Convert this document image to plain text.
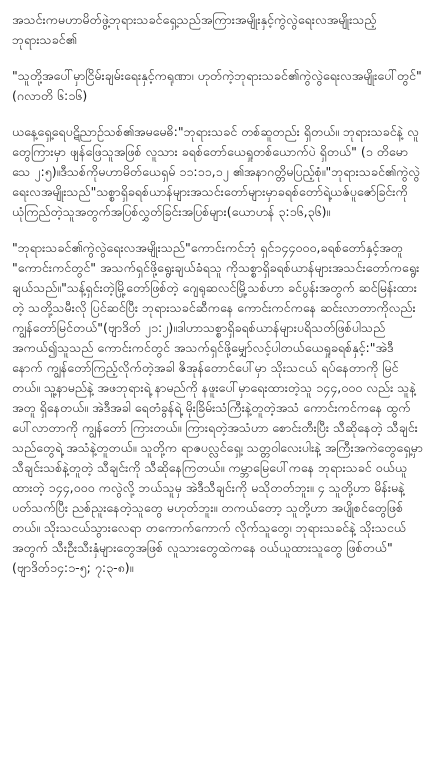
အသင်းကမဟာမိတ်ဖွဲ့ဘုရားသခင်ရှေ့သည်အကြားအမျိုးနှင့်ကွဲလွဲရေးလအမျိုးသည့်ဘုရားသခင်၏
"သူတို့အပေါ်မှာငြိမ်းချမ်းရေးနှင့်ကရုဏာ၊ ဟုတ်ကဲ့ဘုရားသခင်၏ကွဲလွဲရေးလအမျိုးပေါ်တွင်"
(ဂလာတိ ၆:၁၆)
ယနေ့ရှေ့ရေပဋိညာဉ်သစ်၏အမမေဓိ:"ဘုရားသခင် တစ်ဆူတည်း ရှိတယ်။ ဘုရားသခင်နဲ့ လူတွေကြားမှာ ဖျန်ဖြေသူအဖြစ် လူသား ခရစ်တော်ယေရှုတစ်ယောက်ပဲ ရှိတယ်" (၁ တိမောသေ ၂:၅)။ဒီသစ်ကိုမဟာမိတ်ယေရှမ် ၁၁:၁၁,၁၂ ၏အနာဂတ္တိမပြည့်စုံ။"ဘုရားသခင်၏ကွဲလွဲရေးလအမျိုးသည်"သစ္စာရှိခရစ်ယာန်များအသင်းတော်များမှာခရစ်တော်ရဲ့ယဇ်ပူဇော်ခြင်းကိုယုံကြည်တဲ့သူအတွက်အပြစ်လွှတ်ခြင်းအပြစ်များ(ယောဟန် ၃:၁၆,၃၆)။
"ဘုရားသခင်၏ကွဲလွဲရေးလအမျိုးသည်"ကောင်းကင်ဘုံ ရှင်၁၄၄၀၀၀,ခရစ်တော်နှင့်အတူ "ကောင်းကင်တွင်" အသက်ရှင်ဖို့ရွေးချယ်ခံရသူ ကိုသစ္စာရှိခရစ်ယာန်များအသင်းတော်ကရွေးချယ်သည်။"သန့်ရှင်းတဲ့မြို့တော်ဖြစ်တဲ့ ဂျေရုဆလင်မြို့သစ်ဟာ ခင်ပွန်းအတွက် ဆင်မြန်းထားတဲ့ သတို့သမီးလို ပြင်ဆင်ပြီး ဘုရားသခင်ဆီကနေ ကောင်းကင်ကနေ ဆင်းလာတာကိုလည်း ကျွန်တော်မြင်တယ်"(ဗျာဒိတ် ၂၁:၂)။ဒါဟာသစ္စာရှိခရစ်ယာန်များပရိသတ်ဖြစ်ပါသည်အကယ်၍သူသည် ကောင်းကင်တွင် အသက်ရှင်ဖို့မျှော်လင့်ပါတယ်ယေရှုခရစ်နှင့်:"အဲဒီနောက် ကျွန်တော်ကြည့်လိုက်တဲ့အခါ ဇိအုန်တောင်ပေါ်မှာ သိုးသငယ် ရပ်နေတာကို မြင်တယ်။ သူ့နာမည်နဲ့ အဖဘုရားရဲ့ နာမည်ကို နဖူးပေါ်မှာရေးထားတဲ့သူ ၁၄၄,၀၀၀ လည်း သူနဲ့အတူ ရှိနေတယ်။ အဲဒီအခါ ရေတံခွန်ရဲ့ မိုးခြိမ်းသံကြီးနဲ့တူတဲ့အသံ ကောင်းကင်ကနေ ထွက်ပေါ်လာတာကို ကျွန်တော် ကြားတယ်။ ကြားရတဲ့အသံဟာ စောင်းတီးပြီး သီဆိုနေတဲ့ သီချင်းသည်တွေရဲ့ အသံနဲ့တူတယ်။ သူတို့က ရာဇပလ္လင်ရှေ့၊ သတ္တဝါလေးပါးနဲ့ အကြီးအကဲတွေရှေ့မှာ သီချင်းသစ်နဲ့တူတဲ့ သီချင်းကို သီဆိုနေကြတယ်။ ကမ္ဘာမြေပေါ်ကနေ ဘုရားသခင် ဝယ်ယူထားတဲ့ ၁၄၄,၀၀၀ ကလွဲလို့ ဘယ်သူမှ အဲဒီသီချင်းကို မသိုတတ်ဘူး။ ၄ သူတို့ဟာ မိန်းမနဲ့ပတ်သက်ပြီး ညစ်ညူးနေတဲ့သူတွေ မဟုတ်ဘူး။ တကယ်တော့ သူတို့ဟာ အပျိုစင်တွေဖြစ်တယ်။ သိုးသငယ်သွားလေရာ တကောက်ကောက် လိုက်သူတွေ၊ ဘုရားသခင်နဲ့ သိုးသငယ်အတွက် သီးဦးသီးနှံများတွေအဖြစ် လူသားတွေထဲကနေ ဝယ်ယူထားသူတွေ ဖြစ်တယ်" (ဗျာဒိတ်၁၄:၁-၅; ၇:၃-၈)။
